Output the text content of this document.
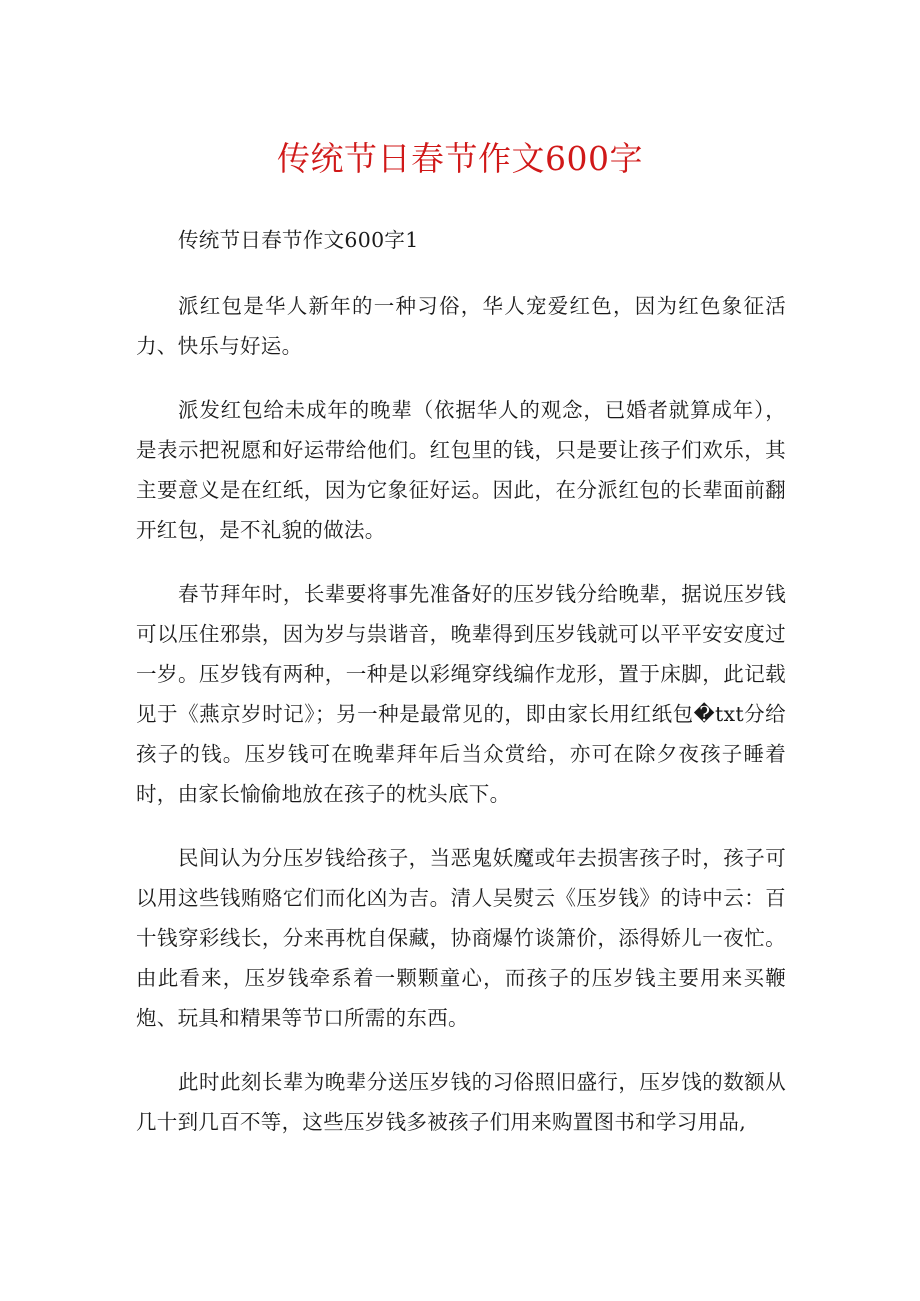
传统节日春节作文600字

传统节日春节作文600字1

派红包是华人新年的一种习俗，华人宠爱红色，因为红色象征活力、快乐与好运。

派发红包给未成年的晚辈（依据华人的观念，已婚者就算成年），是表示把祝愿和好运带给他们。红包里的钱，只是要让孩子们欢乐，其主要意义是在红纸，因为它象征好运。因此，在分派红包的长辈面前翻开红包，是不礼貌的做法。

春节拜年时，长辈要将事先准备好的压岁钱分给晚辈，据说压岁钱可以压住邪祟，因为岁与祟谐音，晚辈得到压岁钱就可以平平安安度过一岁。压岁钱有两种，一种是以彩绳穿线编作龙形，置于床脚，此记载见于《燕京岁时记》；另一种是最常见的，即由家长用红纸包�txt分给孩子的钱。压岁钱可在晚辈拜年后当众赏给，亦可在除夕夜孩子睡着时，由家长愉偷地放在孩子的枕头底下。

民间认为分压岁钱给孩子，当恶鬼妖魔或年去损害孩子时，孩子可以用这些钱贿赂它们而化凶为吉。清人吴熨云《压岁钱》的诗中云：百十钱穿彩线长，分来再枕自保藏，协商爆竹谈箫价，添得娇儿一夜忙。由此看来，压岁钱牵系着一颗颗童心，而孩子的压岁钱主要用来买鞭炮、玩具和精果等节口所需的东西。

此时此刻长辈为晚辈分送压岁钱的习俗照旧盛行，压岁饯的数额从几十到几百不等，这些压岁钱多被孩子们用来购置图书和学习用品,
